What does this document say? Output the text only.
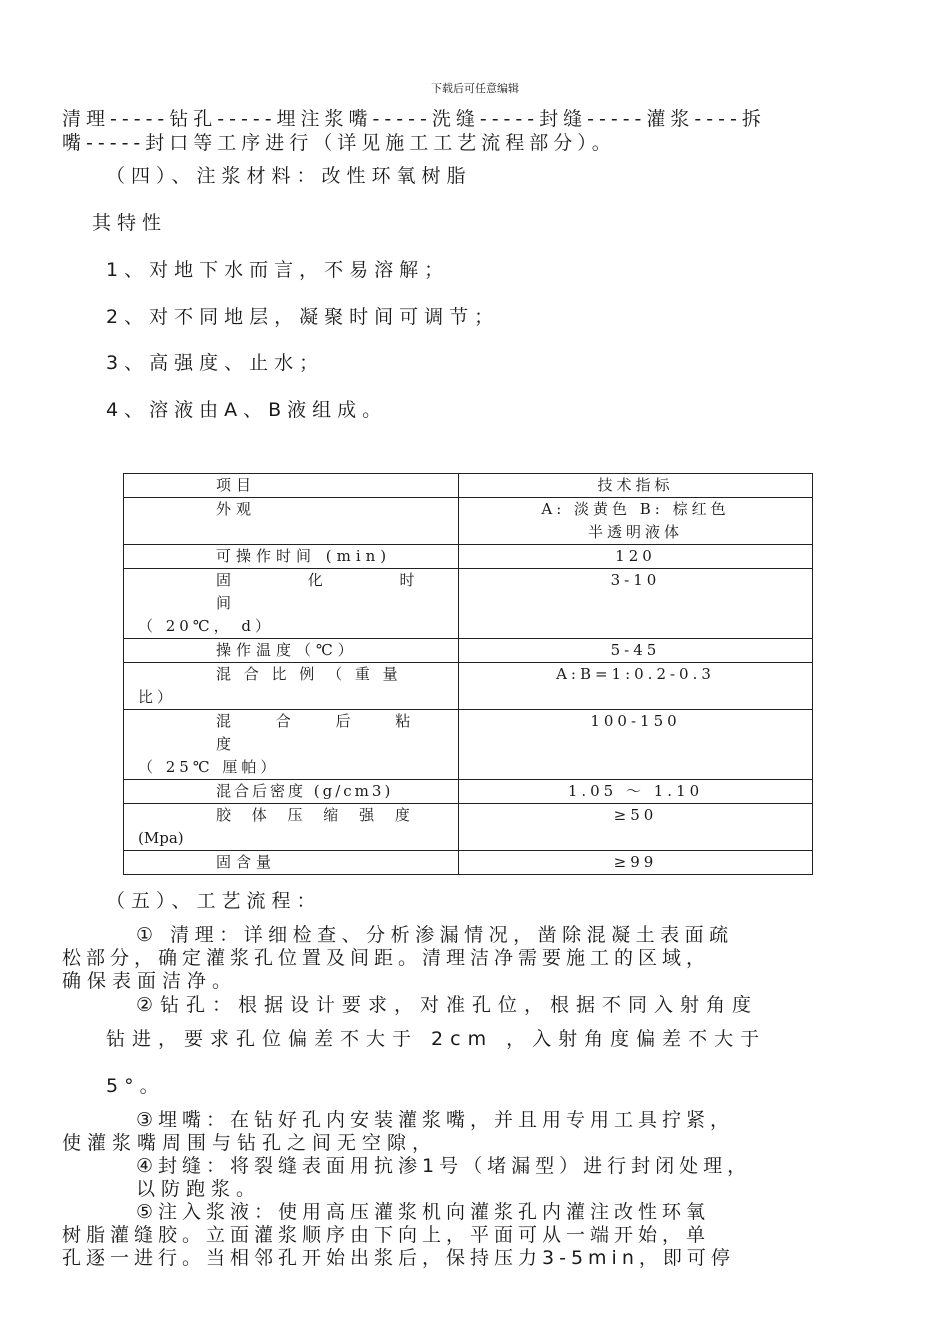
下载后可任意编辑
清理-----钻孔-----埋注浆嘴-----洗缝-----封缝-----灌浆----拆
嘴-----封口等工序进行（详见施工工艺流程部分）。
（四）、注浆材料：改性环氧树脂
其特性
1、对地下水而言，不易溶解；
2、对不同地层，凝聚时间可调节；
3、高强度、止水；
4、溶液由A、B液组成。
项目	技术指标

外观	A: 淡黄色 B: 棕红色
半透明液体

可操作时间 (min)	120

固 化 时 间
（ 20℃， d）	3-10

操作温度（℃）	5-45

混 合 比 例 （ 重 量
比）	A:B=1:0.2-0.3

混 合 后 粘 度
（ 25℃ 厘帕）	100-150

混合后密度 (g/cm3)	1.05 ～ 1.10

胶 体 压 缩 强 度
(Mpa)	≥50

固含量	≥99
（五）、工艺流程：
① 清理：详细检查、分析渗漏情况，凿除混凝土表面疏
松部分，确定灌浆孔位置及间距。清理洁净需要施工的区域，
确保表面洁净。
②钻孔：根据设计要求，对准孔位，根据不同入射角度
钻进，要求孔位偏差不大于 2cm ，入射角度偏差不大于
5°。
③埋嘴：在钻好孔内安装灌浆嘴，并且用专用工具拧紧，
使灌浆嘴周围与钻孔之间无空隙，
④封缝：将裂缝表面用抗渗1号（堵漏型）进行封闭处理，
以防跑浆。
⑤注入浆液：使用高压灌浆机向灌浆孔内灌注改性环氧
树脂灌缝胶。立面灌浆顺序由下向上，平面可从一端开始，单
孔逐一进行。当相邻孔开始出浆后，保持压力3-5min，即可停
